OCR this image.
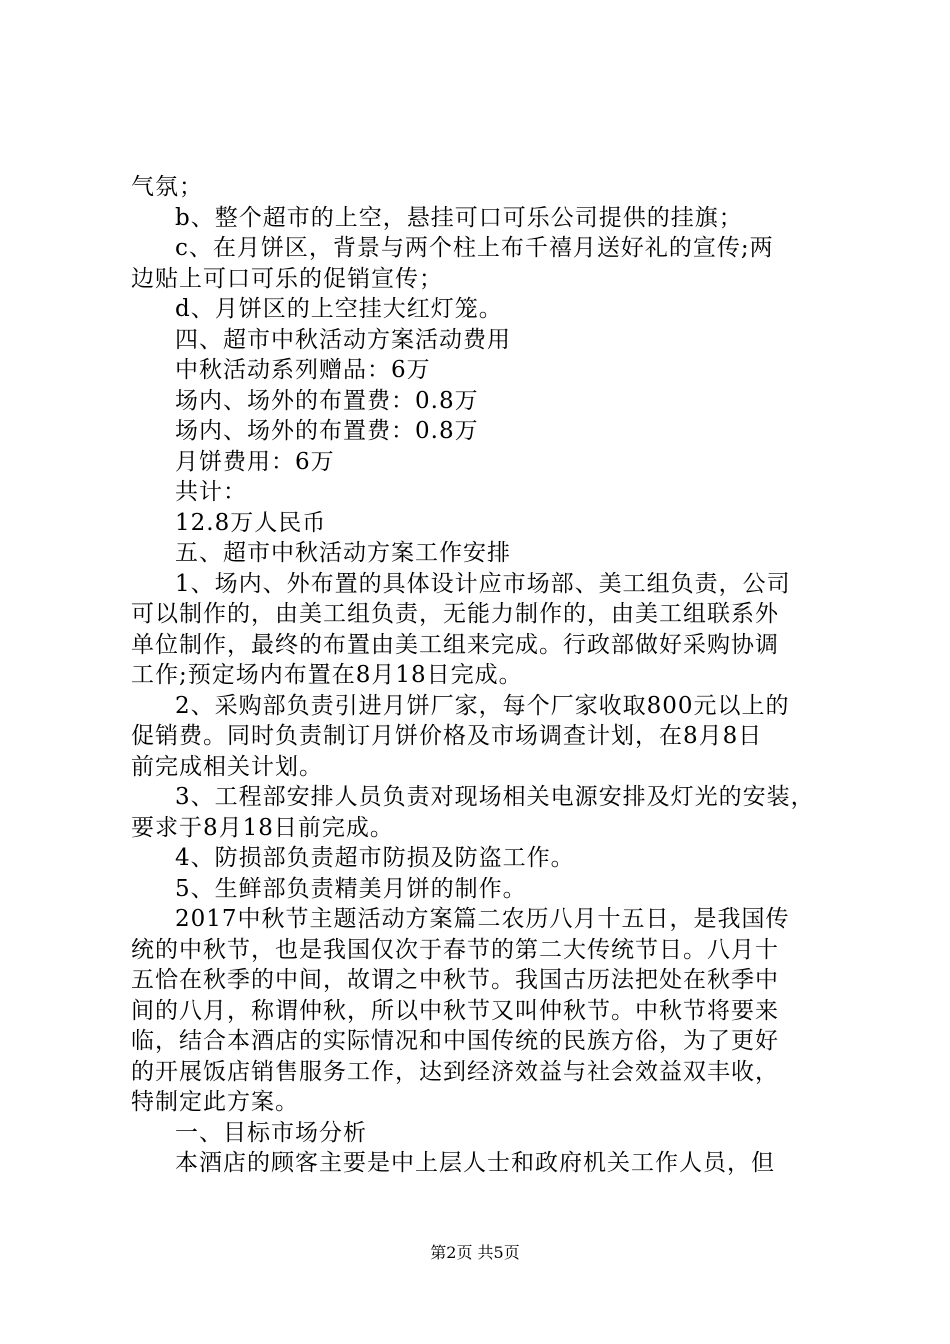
气氛；
b、整个超市的上空，悬挂可口可乐公司提供的挂旗；
c、在月饼区，背景与两个柱上布千禧月送好礼的宣传;两
边贴上可口可乐的促销宣传；
d、月饼区的上空挂大红灯笼。
四、超市中秋活动方案活动费用
中秋活动系列赠品：6万
场内、场外的布置费：0.8万
场内、场外的布置费：0.8万
月饼费用：6万
共计：
12.8万人民币
五、超市中秋活动方案工作安排
1、场内、外布置的具体设计应市场部、美工组负责，公司
可以制作的，由美工组负责，无能力制作的，由美工组联系外
单位制作，最终的布置由美工组来完成。行政部做好采购协调
工作;预定场内布置在8月18日完成。
2、采购部负责引进月饼厂家，每个厂家收取800元以上的
促销费。同时负责制订月饼价格及市场调查计划，在8月8日
前完成相关计划。
3、工程部安排人员负责对现场相关电源安排及灯光的安装，
要求于8月18日前完成。
4、防损部负责超市防损及防盗工作。
5、生鲜部负责精美月饼的制作。
2017中秋节主题活动方案篇二农历八月十五日，是我国传
统的中秋节，也是我国仅次于春节的第二大传统节日。八月十
五恰在秋季的中间，故谓之中秋节。我国古历法把处在秋季中
间的八月，称谓仲秋，所以中秋节又叫仲秋节。中秋节将要来
临，结合本酒店的实际情况和中国传统的民族方俗，为了更好
的开展饭店销售服务工作，达到经济效益与社会效益双丰收，
特制定此方案。
一、目标市场分析
本酒店的顾客主要是中上层人士和政府机关工作人员，但
第2页 共5页
